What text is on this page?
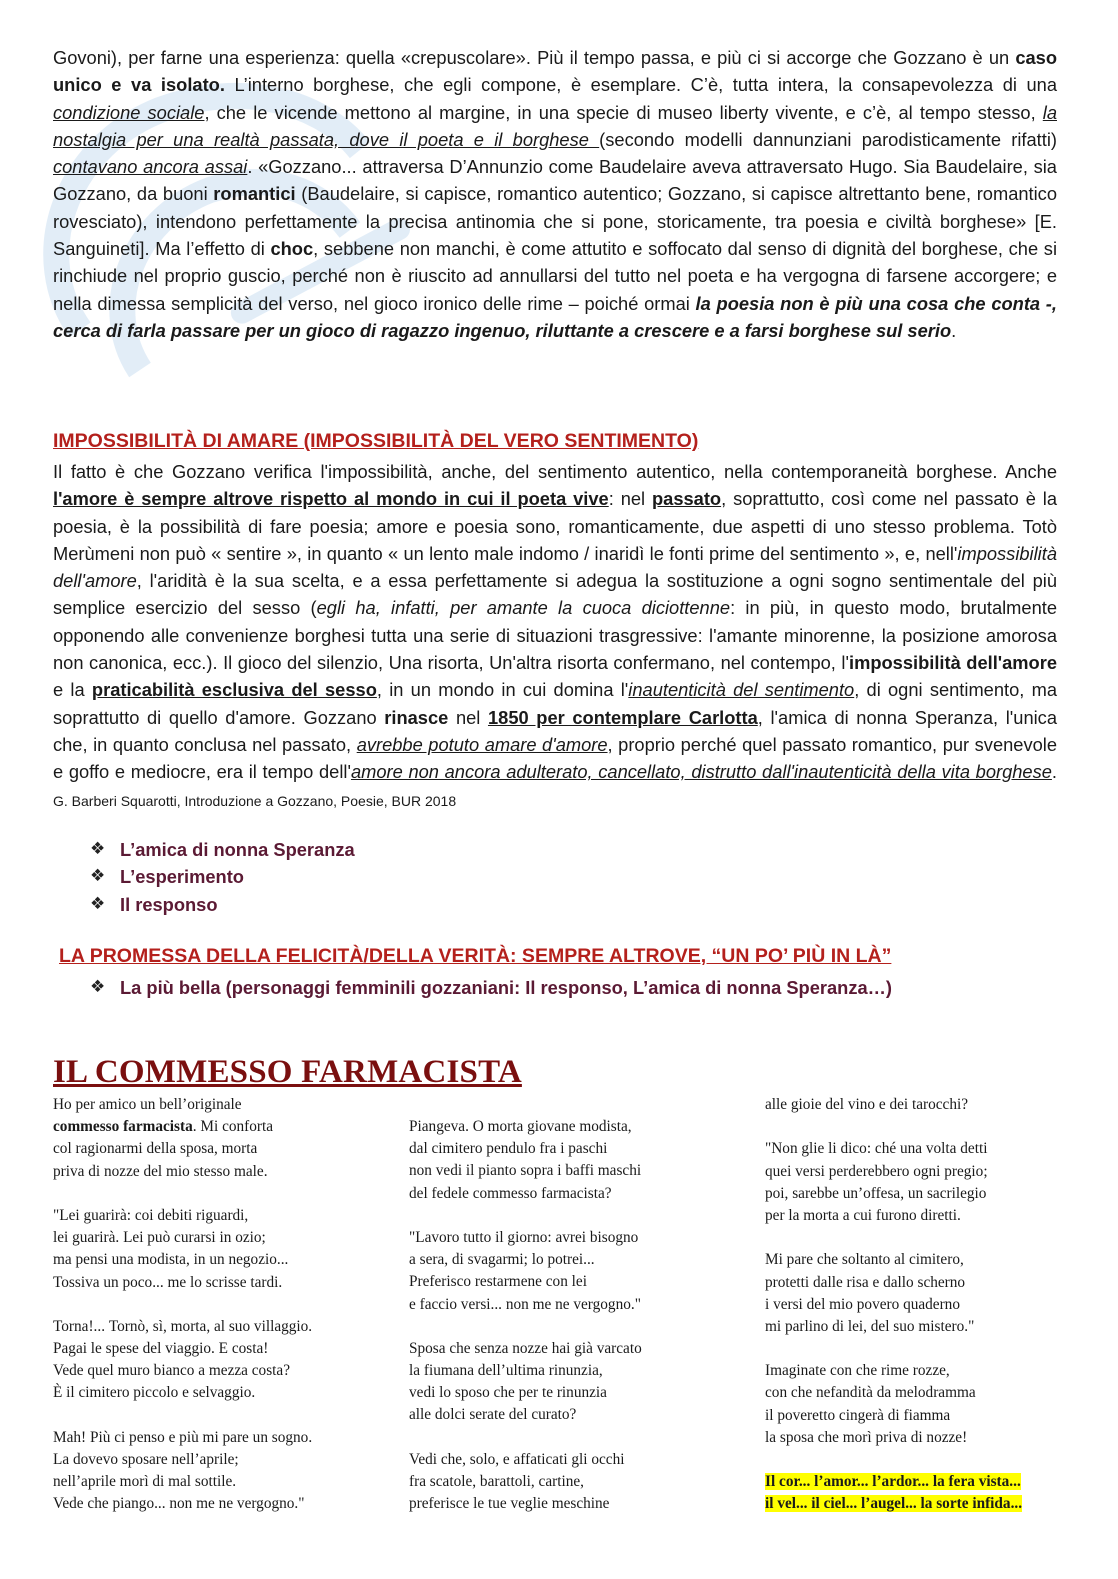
Govoni), per farne una esperienza: quella «crepuscolare». Più il tempo passa, e più ci si accorge che Gozzano è un caso unico e va isolato. L’interno borghese, che egli compone, è esemplare. C’è, tutta intera, la consapevolezza di una condizione sociale, che le vicende mettono al margine, in una specie di museo liberty vivente, e c’è, al tempo stesso, la nostalgia per una realtà passata, dove il poeta e il borghese (secondo modelli dannunziani parodisticamente rifatti) contavano ancora assai. «Gozzano... attraversa D’Annunzio come Baudelaire aveva attraversato Hugo. Sia Baudelaire, sia Gozzano, da buoni romantici (Baudelaire, si capisce, romantico autentico; Gozzano, si capisce altrettanto bene, romantico rovesciato), intendono perfettamente la precisa antinomia che si pone, storicamente, tra poesia e civiltà borghese» [E. Sanguineti]. Ma l’effetto di choc, sebbene non manchi, è come attutito e soffocato dal senso di dignità del borghese, che si rinchiude nel proprio guscio, perché non è riuscito ad annullarsi del tutto nel poeta e ha vergogna di farsene accorgere; e nella dimessa semplicità del verso, nel gioco ironico delle rime – poiché ormai la poesia non è più una cosa che conta -, cerca di farla passare per un gioco di ragazzo ingenuo, riluttante a crescere e a farsi borghese sul serio.

IMPOSSIBILITÀ DI AMARE (IMPOSSIBILITÀ DEL VERO SENTIMENTO)

Il fatto è che Gozzano verifica l'impossibilità, anche, del sentimento autentico, nella contemporaneità borghese. Anche l'amore è sempre altrove rispetto al mondo in cui il poeta vive: nel passato, soprattutto, così come nel passato è la poesia, è la possibilità di fare poesia; amore e poesia sono, romanticamente, due aspetti di uno stesso problema. Totò Merùmeni non può « sentire », in quanto « un lento male indomo / inaridì le fonti prime del sentimento », e, nell'impossibilità dell'amore, l'aridità è la sua scelta, e a essa perfettamente si adegua la sostituzione a ogni sogno sentimentale del più semplice esercizio del sesso (egli ha, infatti, per amante la cuoca diciottenne: in più, in questo modo, brutalmente opponendo alle convenienze borghesi tutta una serie di situazioni trasgressive: l'amante minorenne, la posizione amorosa non canonica, ecc.). Il gioco del silenzio, Una risorta, Un'altra risorta confermano, nel contempo, l'impossibilità dell'amore e la praticabilità esclusiva del sesso, in un mondo in cui domina l'inautenticità del sentimento, di ogni sentimento, ma soprattutto di quello d'amore. Gozzano rinasce nel 1850 per contemplare Carlotta, l'amica di nonna Speranza, l'unica che, in quanto conclusa nel passato, avrebbe potuto amare d'amore, proprio perché quel passato romantico, pur svenevole e goffo e mediocre, era il tempo dell'amore non ancora adulterato, cancellato, distrutto dall'inautenticità della vita borghese. G. Barberi Squarotti, Introduzione a Gozzano, Poesie, BUR 2018

❖ L’amica di nonna Speranza
❖ L’esperimento
❖ Il responso
LA PROMESSA DELLA FELICITÀ/DELLA VERITÀ: SEMPRE ALTROVE, “UN PO’ PIÙ IN LÀ”
❖ La più bella (personaggi femminili gozzaniani: Il responso, L’amica di nonna Speranza…)
IL COMMESSO FARMACISTA
Ho per amico un bell’originale
commesso farmacista. Mi conforta
col ragionarmi della sposa, morta
priva di nozze del mio stesso male.
"Lei guarirà: coi debiti riguardi,
lei guarirà. Lei può curarsi in ozio;
ma pensi una modista, in un negozio...
Tossiva un poco... me lo scrisse tardi.
Tornа!... Tornò, sì, morta, al suo villaggio.
Pagai le spese del viaggio. E costa!
Vede quel muro bianco a mezza costa?
È il cimitero piccolo e selvaggio.
Mah! Più ci penso e più mi pare un sogno.
La dovevo sposare nell’aprile;
nell’aprile morì di mal sottile.
Vede che piango... non me ne vergogno."
Piangeva. O morta giovane modista,
dal cimitero pendulo fra i paschi
non vedi il pianto sopra i baffi maschi
del fedele commesso farmacista?
"Lavoro tutto il giorno: avrei bisogno
a sera, di svagarmi; lo potrei...
Preferisco restarmene con lei
e faccio versi... non me ne vergogno."
Sposa che senza nozze hai già varcato
la fiumana dell’ultima rinunzia,
vedi lo sposo che per te rinunzia
alle dolci serate del curato?
Vedi che, solo, e affaticati gli occhi
fra scatole, barattoli, cartine,
preferisce le tue veglie meschine
alle gioie del vino e dei tarocchi?
"Non glie li dico: ché una volta detti
quei versi perderebbero ogni pregio;
poi, sarebbe un’offesa, un sacrilegio
per la morta a cui furono diretti.
Mi pare che soltanto al cimitero,
protetti dalle risa e dallo scherno
i versi del mio povero quaderno
mi parlino di lei, del suo mistero."
Imaginate con che rime rozze,
con che nefandità da melodramma
il poveretto cingerà di fiamma
la sposa che morì priva di nozze!
Il cor... l’amor... l’ardor... la fera vista...
il vel... il ciel... l’augel... la sorte infida...
